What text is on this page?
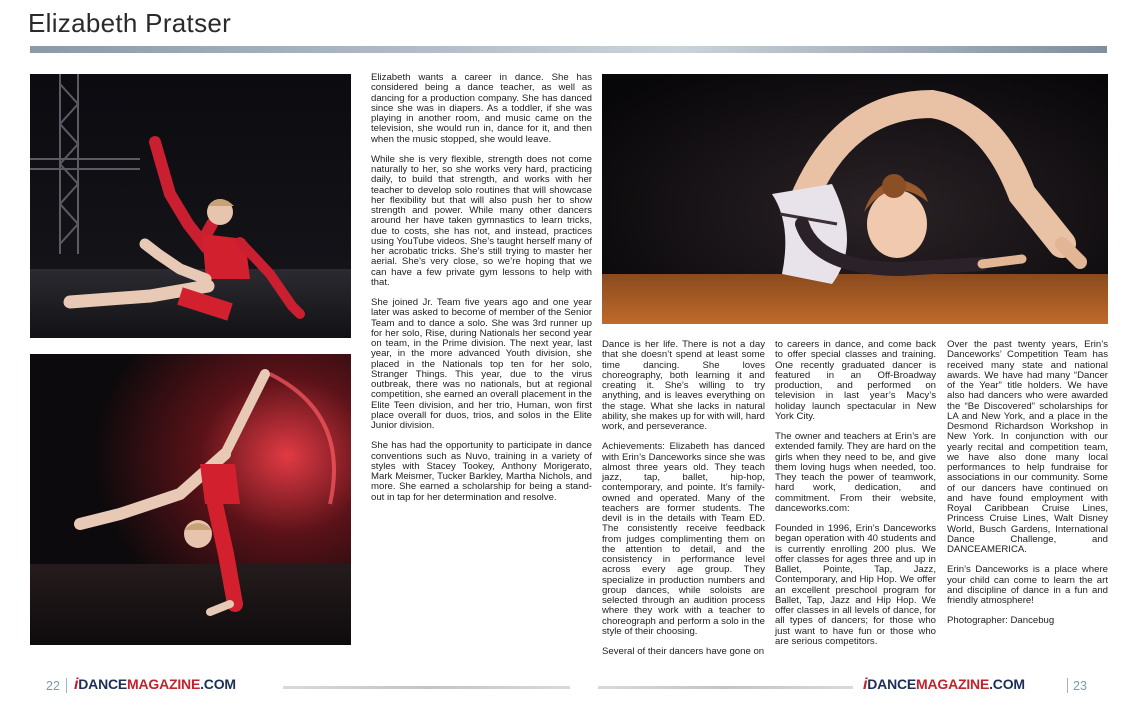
Elizabeth Pratser

Elizabeth wants a career in dance. She has considered being a dance teacher, as well as dancing for a production company. She has danced since she was in diapers. As a toddler, if she was playing in another room, and music came on the television, she would run in, dance for it, and then when the music stopped, she would leave.

While she is very flexible, strength does not come naturally to her, so she works very hard, practicing daily, to build that strength, and works with her teacher to develop solo routines that will showcase her flexibility but that will also push her to show strength and power. While many other dancers around her have taken gymnastics to learn tricks, due to costs, she has not, and instead, practices using YouTube videos. She’s taught herself many of her acrobatic tricks. She’s still trying to master her aerial. She’s very close, so we’re hoping that we can have a few private gym lessons to help with that.

She joined Jr. Team five years ago and one year later was asked to become of member of the Senior Team and to dance a solo. She was 3rd runner up for her solo, Rise, during Nationals her second year on team, in the Prime division. The next year, last year, in the more advanced Youth division, she placed in the Nationals top ten for her solo, Stranger Things. This year, due to the virus outbreak, there was no nationals, but at regional competition, she earned an overall placement in the Elite Teen division, and her trio, Human, won first place overall for duos, trios, and solos in the Elite Junior division.

She has had the opportunity to participate in dance conventions such as Nuvo, training in a variety of styles with Stacey Tookey, Anthony Morigerato, Mark Meismer, Tucker Barkley, Martha Nichols, and more. She earned a scholarship for being a stand-out in tap for her determination and resolve.

Dance is her life. There is not a day that she doesn’t spend at least some time dancing. She loves choreography, both learning it and creating it. She’s willing to try anything, and is leaves everything on the stage. What she lacks in natural ability, she makes up for with will, hard work, and perseverance.

Achievements: Elizabeth has danced with Erin’s Danceworks since she was almost three years old. They teach jazz, tap, ballet, hip-hop, contemporary, and pointe. It’s family-owned and operated. Many of the teachers are former students. The devil is in the details with Team ED. The consistently receive feedback from judges complimenting them on the attention to detail, and the consistency in performance level across every age group. They specialize in production numbers and group dances, while soloists are selected through an audition process where they work with a teacher to choreograph and perform a solo in the style of their choosing.

Several of their dancers have gone on

to careers in dance, and come back to offer special classes and training. One recently graduated dancer is featured in an Off-Broadway production, and performed on television in last year’s Macy’s holiday launch spectacular in New York City.

The owner and teachers at Erin’s are extended family. They are hard on the girls when they need to be, and give them loving hugs when needed, too. They teach the power of teamwork, hard work, dedication, and commitment. From their website, danceworks.com:

Founded in 1996, Erin’s Danceworks began operation with 40 students and is currently enrolling 200 plus. We offer classes for ages three and up in Ballet, Pointe, Tap, Jazz, Contemporary, and Hip Hop. We offer an excellent preschool program for Ballet, Tap, Jazz and Hip Hop. We offer classes in all levels of dance, for all types of dancers; for those who just want to have fun or those who are serious competitors.

Over the past twenty years, Erin’s Danceworks’ Competition Team has received many state and national awards. We have had many “Dancer of the Year” title holders. We have also had dancers who were awarded the “Be Discovered” scholarships for LA and New York, and a place in the Desmond Richardson Workshop in New York. In conjunction with our yearly recital and competition team, we have also done many local performances to help fundraise for associations in our community. Some of our dancers have continued on and have found employment with Royal Caribbean Cruise Lines, Princess Cruise Lines, Walt Disney World, Busch Gardens, International Dance Challenge, and DANCEAMERICA.

Erin’s Danceworks is a place where your child can come to learn the art and discipline of dance in a fun and friendly atmosphere!

Photographer: Dancebug

22 iDANCEMAGAZINE.COM	iDANCEMAGAZINE.COM	23
